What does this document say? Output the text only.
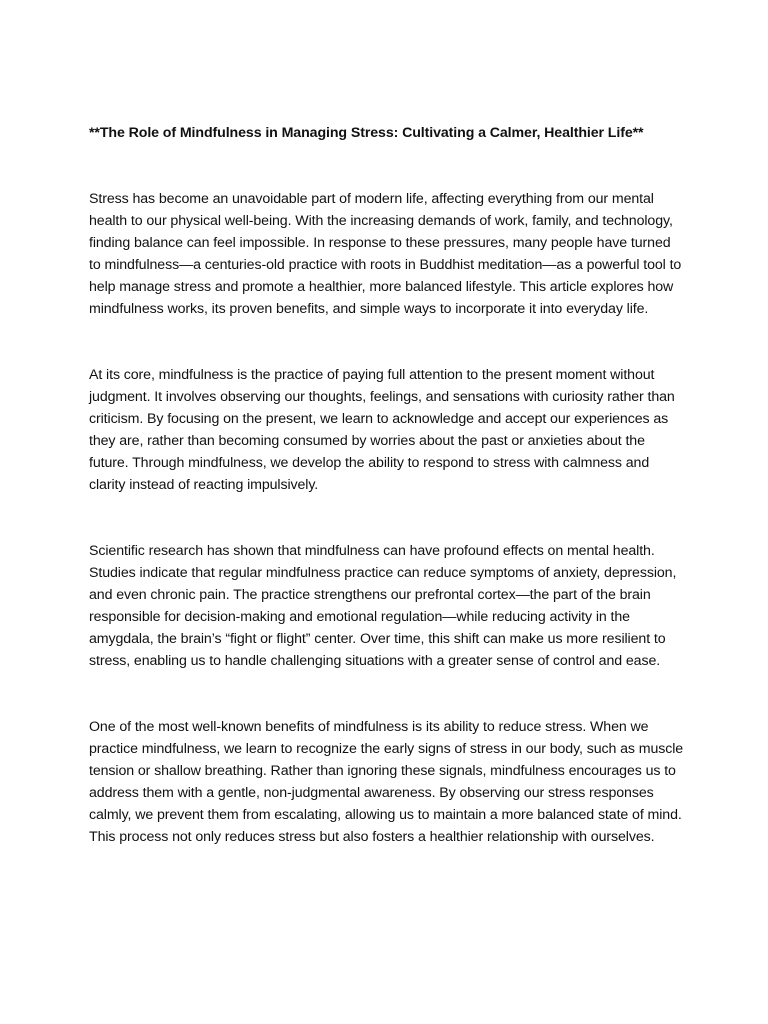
**The Role of Mindfulness in Managing Stress: Cultivating a Calmer, Healthier Life**

Stress has become an unavoidable part of modern life, affecting everything from our mental health to our physical well-being. With the increasing demands of work, family, and technology, finding balance can feel impossible. In response to these pressures, many people have turned to mindfulness—a centuries-old practice with roots in Buddhist meditation—as a powerful tool to help manage stress and promote a healthier, more balanced lifestyle. This article explores how mindfulness works, its proven benefits, and simple ways to incorporate it into everyday life.

At its core, mindfulness is the practice of paying full attention to the present moment without judgment. It involves observing our thoughts, feelings, and sensations with curiosity rather than criticism. By focusing on the present, we learn to acknowledge and accept our experiences as they are, rather than becoming consumed by worries about the past or anxieties about the future. Through mindfulness, we develop the ability to respond to stress with calmness and clarity instead of reacting impulsively.

Scientific research has shown that mindfulness can have profound effects on mental health. Studies indicate that regular mindfulness practice can reduce symptoms of anxiety, depression, and even chronic pain. The practice strengthens our prefrontal cortex—the part of the brain responsible for decision-making and emotional regulation—while reducing activity in the amygdala, the brain’s “fight or flight” center. Over time, this shift can make us more resilient to stress, enabling us to handle challenging situations with a greater sense of control and ease.

One of the most well-known benefits of mindfulness is its ability to reduce stress. When we practice mindfulness, we learn to recognize the early signs of stress in our body, such as muscle tension or shallow breathing. Rather than ignoring these signals, mindfulness encourages us to address them with a gentle, non-judgmental awareness. By observing our stress responses calmly, we prevent them from escalating, allowing us to maintain a more balanced state of mind. This process not only reduces stress but also fosters a healthier relationship with ourselves.
